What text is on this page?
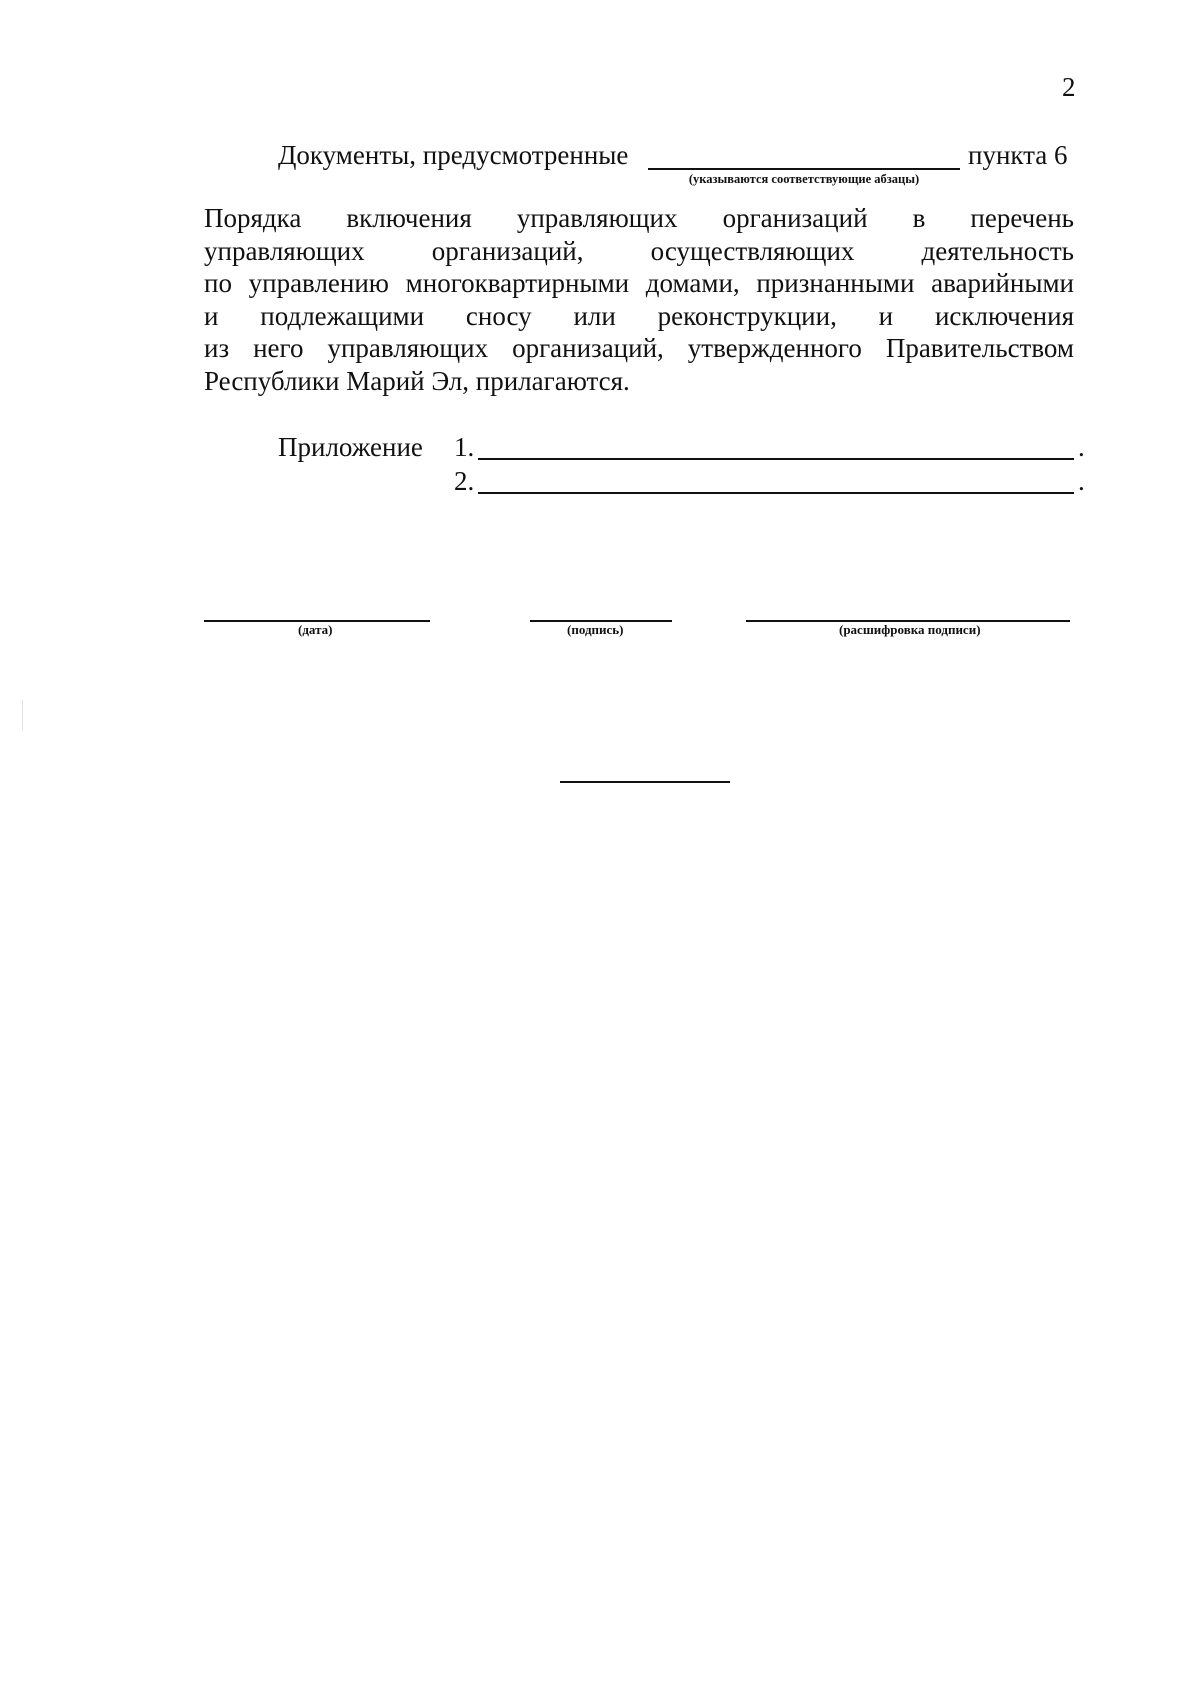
2
Документы, предусмотренные
(указываются соответствующие абзацы)
пункта 6
Порядка включения управляющих организаций в перечень
управляющих организаций, осуществляющих деятельность
по управлению многоквартирными домами, признанными аварийными
и подлежащими сносу или реконструкции, и исключения
из него управляющих организаций, утвержденного Правительством
Республики Марий Эл, прилагаются.
Приложение 1.	.
2.	.
(дата)	(подпись)	(расшифровка подписи)
